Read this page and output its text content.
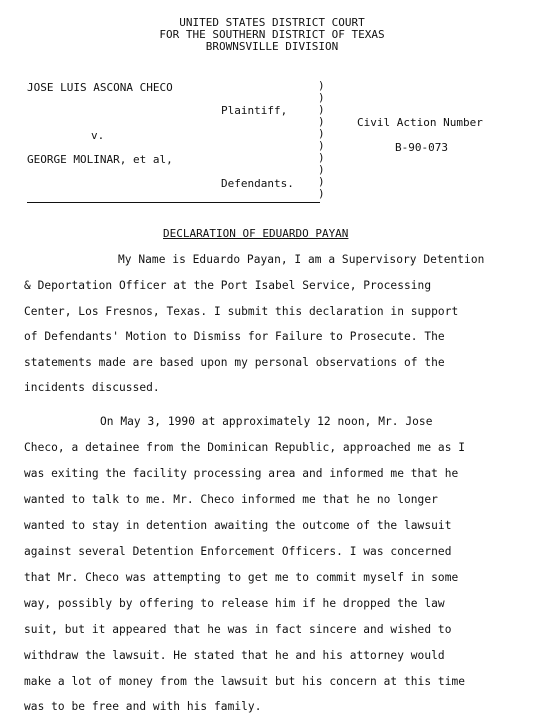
UNITED STATES DISTRICT COURT
FOR THE SOUTHERN DISTRICT OF TEXAS
BROWNSVILLE DIVISION
JOSE LUIS ASCONA CHECO
Plaintiff,
v.
GEORGE MOLINAR, et al,
Defendants.
)
)
)
)
)
)
)
)
)
)
Civil Action Number
B-90-073
DECLARATION OF EDUARDO PAYAN
My Name is Eduardo Payan, I am a Supervisory Detention
& Deportation Officer at the Port Isabel Service, Processing
Center, Los Fresnos, Texas. I submit this declaration in support
of Defendants' Motion to Dismiss for Failure to Prosecute. The
statements made are based upon my personal observations of the
incidents discussed.
On May 3, 1990 at approximately 12 noon, Mr. Jose
Checo, a detainee from the Dominican Republic, approached me as I
was exiting the facility processing area and informed me that he
wanted to talk to me. Mr. Checo informed me that he no longer
wanted to stay in detention awaiting the outcome of the lawsuit
against several Detention Enforcement Officers. I was concerned
that Mr. Checo was attempting to get me to commit myself in some
way, possibly by offering to release him if he dropped the law
suit, but it appeared that he was in fact sincere and wished to
withdraw the lawsuit. He stated that he and his attorney would
make a lot of money from the lawsuit but his concern at this time
was to be free and with his family.
